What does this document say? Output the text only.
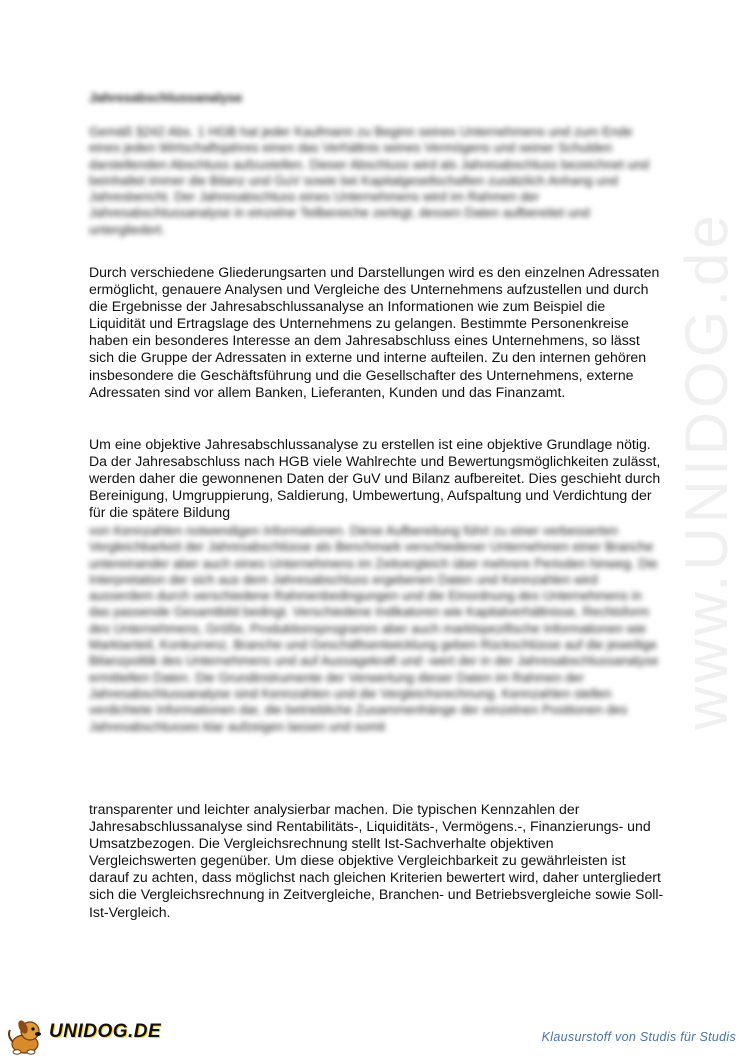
www.UNIDOG.de
Jahresabschlussanalyse

Gemäß §242 Abs. 1 HGB hat jeder Kaufmann zu Beginn seines Unternehmens und zum Ende eines jeden Wirtschaftsjahres einen das Verhältnis seines Vermögens und seiner Schulden darstellenden Abschluss aufzustellen. Dieser Abschluss wird als Jahresabschluss bezeichnet und beinhaltet immer die Bilanz und GuV sowie bei Kapitalgesellschaften zusätzlich Anhang und Jahresbericht. Der Jahresabschluss eines Unternehmens wird im Rahmen der Jahresabschlussanalyse in einzelne Teilbereiche zerlegt, dessen Daten aufbereitet und untergliedert.

Durch verschiedene Gliederungsarten und Darstellungen wird es den einzelnen Adressaten ermöglicht, genauere Analysen und Vergleiche des Unternehmens aufzustellen und durch die Ergebnisse der Jahresabschlussanalyse an Informationen wie zum Beispiel die Liquidität und Ertragslage des Unternehmens zu gelangen. Bestimmte Personenkreise haben ein besonderes Interesse an dem Jahresabschluss eines Unternehmens, so lässt sich die Gruppe der Adressaten in externe und interne aufteilen. Zu den internen gehören insbesondere die Geschäftsführung und die Gesellschafter des Unternehmens, externe Adressaten sind vor allem Banken, Lieferanten, Kunden und das Finanzamt.

Um eine objektive Jahresabschlussanalyse zu erstellen ist eine objektive Grundlage nötig. Da der Jahresabschluss nach HGB viele Wahlrechte und Bewertungsmöglichkeiten zulässt, werden daher die gewonnenen Daten der GuV und Bilanz aufbereitet. Dies geschieht durch Bereinigung, Umgruppierung, Saldierung, Umbewertung, Aufspaltung und Verdichtung der für die spätere Bildung

von Kennzahlen notwendigen Informationen. Diese Aufbereitung führt zu einer verbesserten Vergleichbarkeit der Jahresabschlüsse als Benchmark verschiedener Unternehmen einer Branche untereinander aber auch eines Unternehmens im Zeitvergleich über mehrere Perioden hinweg. Die Interpretation der sich aus dem Jahresabschluss ergebenen Daten und Kennzahlen wird ausserdem durch verschiedene Rahmenbedingungen und die Einordnung des Unternehmens in das passende Gesamtbild bedingt. Verschiedene Indikatoren wie Kapitalverhältnisse, Rechtsform des Unternehmens, Größe, Produktionsprogramm aber auch marktspezifische Informationen wie Marktanteil, Konkurrenz, Branche und Geschäftsentwicklung geben Rückschlüsse auf die jeweilige Bilanzpolitik des Unternehmens und auf Aussagekraft und -wert der in der Jahresabschlussanalyse ermittelten Daten. Die Grundinstrumente der Verwertung dieser Daten im Rahmen der Jahresabschlussanalyse sind Kennzahlen und die Vergleichsrechnung. Kennzahlen stellen verdichtete Informationen dar, die betriebliche Zusammenhänge der einzelnen Positionen des Jahresabschlusses klar aufzeigen lassen und somit

transparenter und leichter analysierbar machen. Die typischen Kennzahlen der Jahresabschlussanalyse sind Rentabilitäts-, Liquiditäts-, Vermögens.-, Finanzierungs- und Umsatzbezogen. Die Vergleichsrechnung stellt Ist-Sachverhalte objektiven Vergleichswerten gegenüber. Um diese objektive Vergleichbarkeit zu gewährleisten ist darauf zu achten, dass möglichst nach gleichen Kriterien bewertert wird, daher untergliedert sich die Vergleichsrechnung in Zeitvergleiche, Branchen- und Betriebsvergleiche sowie Soll-Ist-Vergleich.

UNIDOG.DE	Klausurstoff von Studis für Studis
